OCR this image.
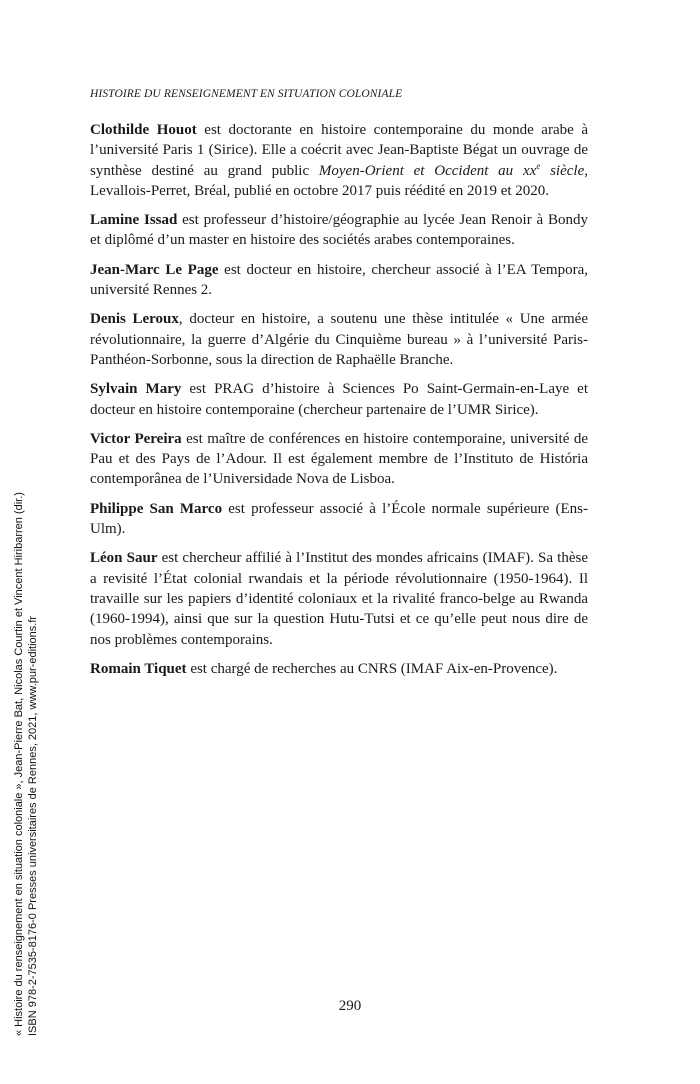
HISTOIRE DU RENSEIGNEMENT EN SITUATION COLONIALE

Clothilde Houot est doctorante en histoire contemporaine du monde arabe à l’université Paris 1 (Sirice). Elle a coécrit avec Jean-Baptiste Bégat un ouvrage de synthèse destiné au grand public Moyen-Orient et Occident au $xx^e$ siècle, Levallois-Perret, Bréal, publié en octobre 2017 puis réédité en 2019 et 2020.

Lamine Issad est professeur d’histoire/géographie au lycée Jean Renoir à Bondy et diplômé d’un master en histoire des sociétés arabes contemporaines.

Jean-Marc Le Page est docteur en histoire, chercheur associé à l’EA Tempora, université Rennes 2.

Denis Leroux, docteur en histoire, a soutenu une thèse intitulée « Une armée révolutionnaire, la guerre d’Algérie du Cinquième bureau » à l’université Paris-Panthéon-Sorbonne, sous la direction de Raphaëlle Branche.

Sylvain Mary est PRAG d’histoire à Sciences Po Saint-Germain-en-Laye et docteur en histoire contemporaine (chercheur partenaire de l’UMR Sirice).

Victor Pereira est maître de conférences en histoire contemporaine, université de Pau et des Pays de l’Adour. Il est également membre de l’Instituto de História contemporânea de l’Universidade Nova de Lisboa.

Philippe San Marco est professeur associé à l’École normale supérieure (Ens-Ulm).

Léon Saur est chercheur affilié à l’Institut des mondes africains (IMAF). Sa thèse a revisité l’État colonial rwandais et la période révolutionnaire (1950-1964). Il travaille sur les papiers d’identité coloniaux et la rivalité franco-belge au Rwanda (1960-1994), ainsi que sur la question Hutu-Tutsi et ce qu’elle peut nous dire de nos problèmes contemporains.

Romain Tiquet est chargé de recherches au CNRS (IMAF Aix-en-Provence).

290
« Histoire du renseignement en situation coloniale », Jean-Pierre Bat, Nicolas Courtin et Vincent Hiribarren (dir.) ISBN 978-2-7535-8176-0 Presses universitaires de Rennes, 2021, www.pur-editions.fr
